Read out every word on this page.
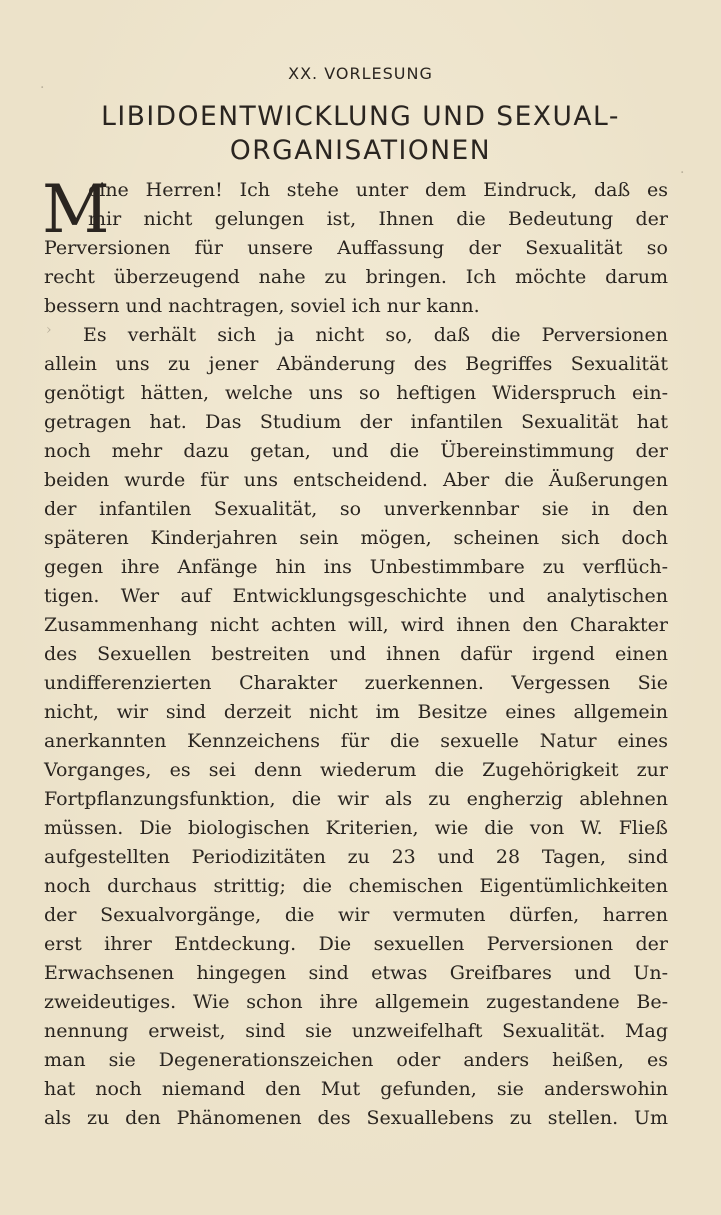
XX. VORLESUNG
LIBIDOENTWICKLUNG UND SEXUAL-
ORGANISATIONEN
M
eine Herren! Ich stehe unter dem Eindruck, daß es
mir nicht gelungen ist, Ihnen die Bedeutung der
Perversionen für unsere Auffassung der Sexualität so
recht überzeugend nahe zu bringen. Ich möchte darum
bessern und nachtragen, soviel ich nur kann.
Es verhält sich ja nicht so, daß die Perversionen
allein uns zu jener Abänderung des Begriffes Sexualität
genötigt hätten, welche uns so heftigen Widerspruch ein-
getragen hat. Das Studium der infantilen Sexualität hat
noch mehr dazu getan, und die Übereinstimmung der
beiden wurde für uns entscheidend. Aber die Äußerungen
der infantilen Sexualität, so unverkennbar sie in den
späteren Kinderjahren sein mögen, scheinen sich doch
gegen ihre Anfänge hin ins Unbestimmbare zu verflüch-
tigen. Wer auf Entwicklungsgeschichte und analytischen
Zusammenhang nicht achten will, wird ihnen den Charakter
des Sexuellen bestreiten und ihnen dafür irgend einen
undifferenzierten Charakter zuerkennen. Vergessen Sie
nicht, wir sind derzeit nicht im Besitze eines allgemein
anerkannten Kennzeichens für die sexuelle Natur eines
Vorganges, es sei denn wiederum die Zugehörigkeit zur
Fortpflanzungsfunktion, die wir als zu engherzig ablehnen
müssen. Die biologischen Kriterien, wie die von W. Fließ
aufgestellten Periodizitäten zu 23 und 28 Tagen, sind
noch durchaus strittig; die chemischen Eigentümlichkeiten
der Sexualvorgänge, die wir vermuten dürfen, harren
erst ihrer Entdeckung. Die sexuellen Perversionen der
Erwachsenen hingegen sind etwas Greifbares und Un-
zweideutiges. Wie schon ihre allgemein zugestandene Be-
nennung erweist, sind sie unzweifelhaft Sexualität. Mag
man sie Degenerationszeichen oder anders heißen, es
hat noch niemand den Mut gefunden, sie anderswohin
als zu den Phänomenen des Sexuallebens zu stellen. Um
·
›
·
